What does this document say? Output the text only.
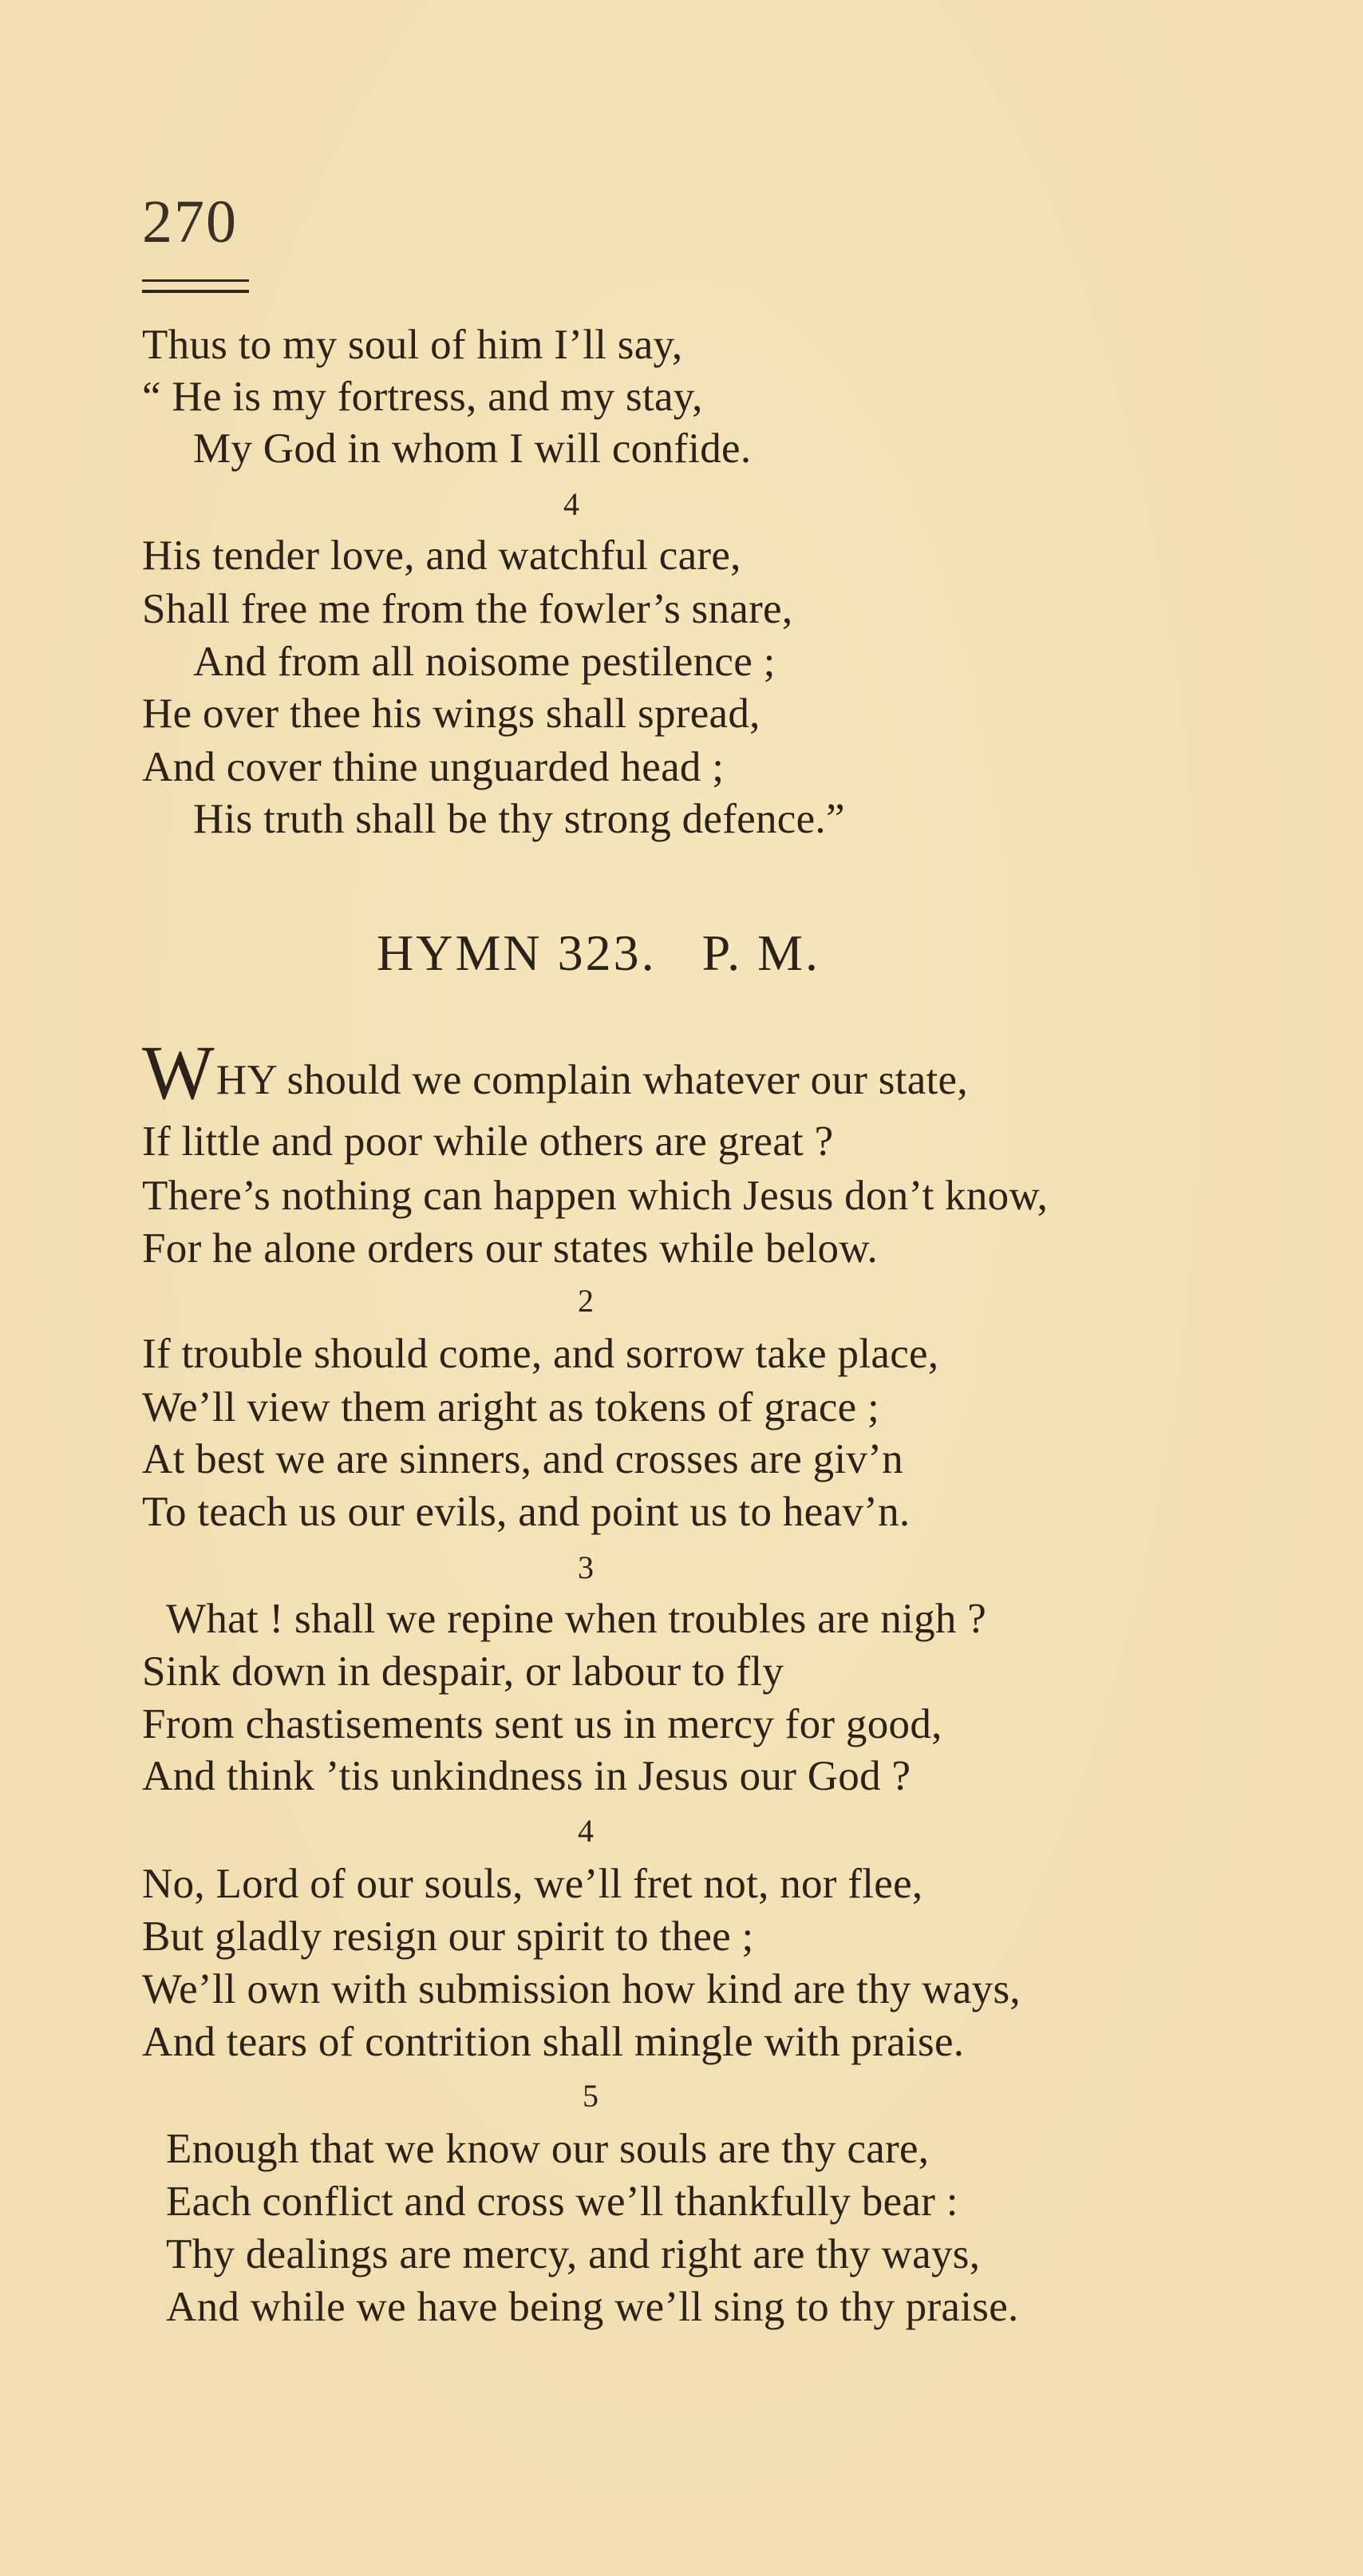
270
Thus to my soul of him I’ll say,
“ He is my fortress, and my stay,
My God in whom I will confide.
4
His tender love, and watchful care,
Shall free me from the fowler’s snare,
And from all noisome pestilence ;
He over thee his wings shall spread,
And cover thine unguarded head ;
His truth shall be thy strong defence.”
HYMN 323.   P. M.
WHY should we complain whatever our state,
If little and poor while others are great ?
There’s nothing can happen which Jesus don’t know,
For he alone orders our states while below.
2
If trouble should come, and sorrow take place,
We’ll view them aright as tokens of grace ;
At best we are sinners, and crosses are giv’n
To teach us our evils, and point us to heav’n.
3
What ! shall we repine when troubles are nigh ?
Sink down in despair, or labour to fly
From chastisements sent us in mercy for good,
And think ’tis unkindness in Jesus our God ?
4
No, Lord of our souls, we’ll fret not, nor flee,
But gladly resign our spirit to thee ;
We’ll own with submission how kind are thy ways,
And tears of contrition shall mingle with praise.
5
Enough that we know our souls are thy care,
Each conflict and cross we’ll thankfully bear :
Thy dealings are mercy, and right are thy ways,
And while we have being we’ll sing to thy praise.
